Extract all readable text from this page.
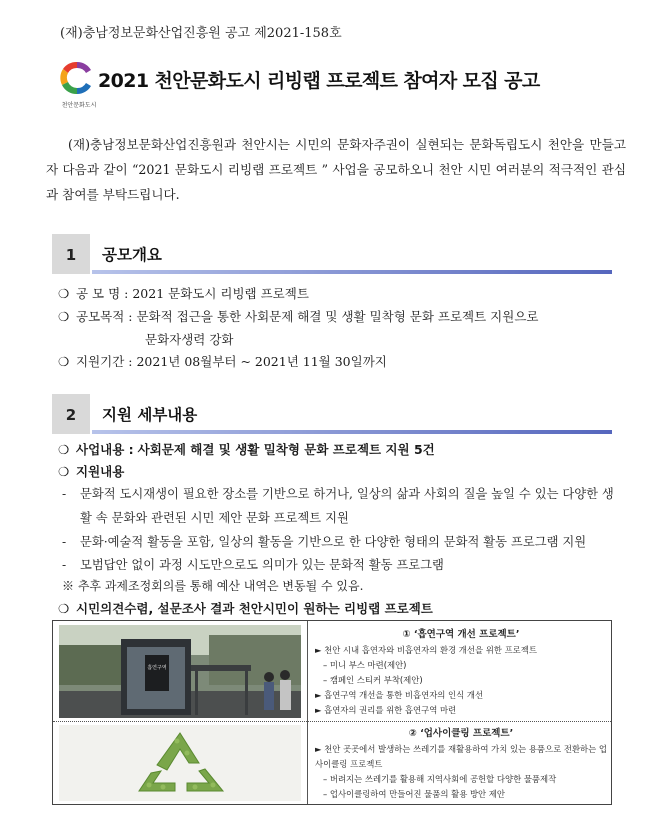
(재)충남정보문화산업진흥원 공고 제2021-158호
천안문화도시
2021 천안문화도시 리빙랩 프로젝트 참여자 모집 공고
(재)충남정보문화산업진흥원과 천안시는 시민의 문화자주권이 실현되는 문화독립도시 천안을 만들고자 다음과 같이 “2021 문화도시 리빙랩 프로젝트 ” 사업을 공모하오니 천안 시민 여러분의 적극적인 관심과 참여를 부탁드립니다.
1	공모개요
❍ 공 모 명 : 2021 문화도시 리빙랩 프로젝트
❍ 공모목적 : 문화적 접근을 통한 사회문제 해결 및 생활 밀착형 문화 프로젝트 지원으로
문화자생력 강화
❍ 지원기간 : 2021년 08월부터 ~ 2021년 11월 30일까지
2	지원 세부내용
❍ 사업내용 : 사회문제 해결 및 생활 밀착형 문화 프로젝트 지원 5건
❍ 지원내용
-	문화적 도시재생이 필요한 장소를 기반으로 하거나, 일상의 삶과 사회의 질을 높일 수 있는 다양한 생활 속 문화와 관련된 시민 제안 문화 프로젝트 지원
-	문화·예술적 활동을 포함, 일상의 활동을 기반으로 한 다양한 형태의 문화적 활동 프로그램 지원
-	모범답안 없이 과정 시도만으로도 의미가 있는 문화적 활동 프로그램
※ 추후 과제조정회의를 통해 예산 내역은 변동될 수 있음.
❍ 시민의견수렴, 설문조사 결과 천안시민이 원하는 리빙랩 프로젝트
흡연구역
① ‘흡연구역 개선 프로젝트’
► 천안 시내 흡연자와 비흡연자의 환경 개선을 위한 프로젝트
– 미니 부스 마련(제안)
– 캠페인 스티커 부착(제안)
► 흡연구역 개선을 통한 비흡연자의 인식 개선
► 흡연자의 권리를 위한 흡연구역 마련
② ‘업사이클링 프로젝트’
► 천안 곳곳에서 발생하는 쓰레기를 재활용하여 가치 있는 용품으로 전환하는 업사이클링 프로젝트
– 버려지는 쓰레기를 활용해 지역사회에 공헌할 다양한 물품제작
– 업사이클링하여 만들어진 물품의 활용 방안 제안
